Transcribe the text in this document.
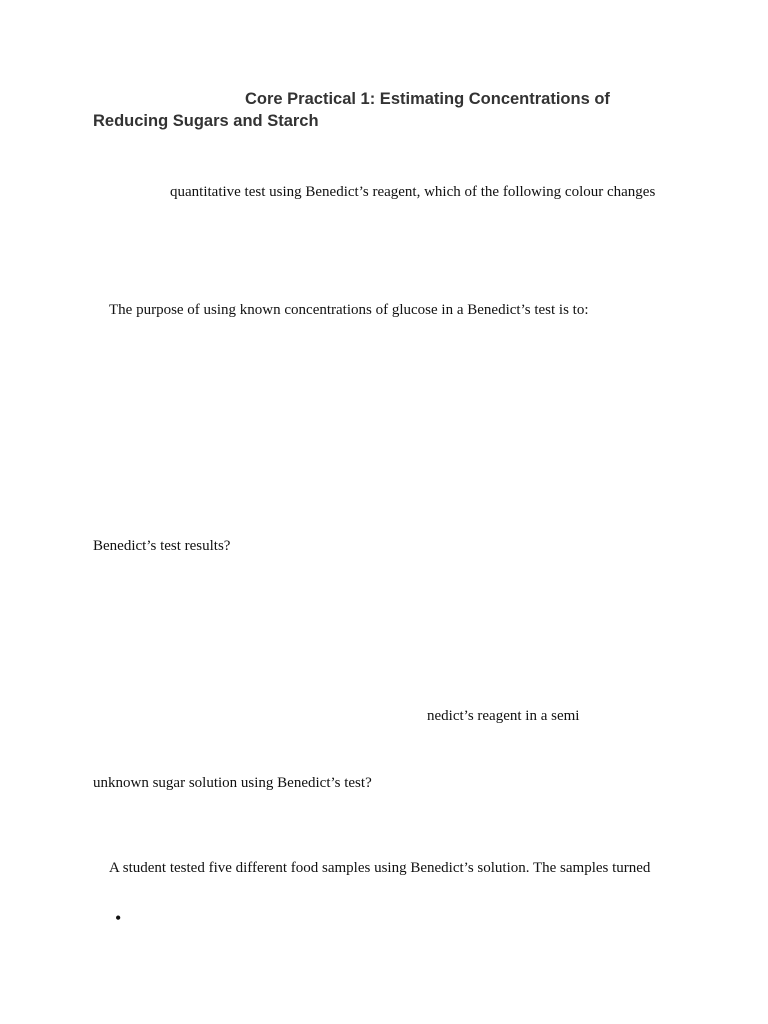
Core Practical 1: Estimating Concentrations of
Reducing Sugars and Starch
quantitative test using Benedict’s reagent, which of the following colour changes
The purpose of using known concentrations of glucose in a Benedict’s test is to:
Benedict’s test results?
nedict’s reagent in a semi
unknown sugar solution using Benedict’s test?
A student tested five different food samples using Benedict’s solution. The samples turned
•
